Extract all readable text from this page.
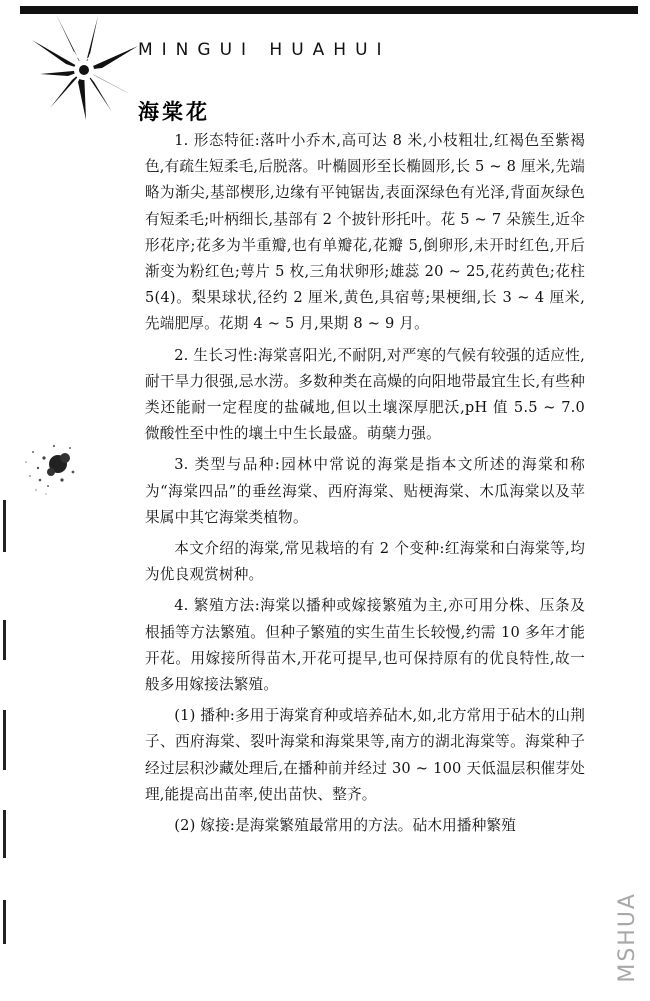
MINGUI HUAHUI
海棠花

1. 形态特征:落叶小乔木,高可达 8 米,小枝粗壮,红褐色至紫褐色,有疏生短柔毛,后脱落。叶椭圆形至长椭圆形,长 5 ~ 8 厘米,先端略为渐尖,基部楔形,边缘有平钝锯齿,表面深绿色有光泽,背面灰绿色有短柔毛;叶柄细长,基部有 2 个披针形托叶。花 5 ~ 7 朵簇生,近伞形花序;花多为半重瓣,也有单瓣花,花瓣 5,倒卵形,未开时红色,开后渐变为粉红色;萼片 5 枚,三角状卵形;雄蕊 20 ~ 25,花药黄色;花柱 5(4)。梨果球状,径约 2 厘米,黄色,具宿萼;果梗细,长 3 ~ 4 厘米,先端肥厚。花期 4 ~ 5 月,果期 8 ~ 9 月。

2. 生长习性:海棠喜阳光,不耐阴,对严寒的气候有较强的适应性,耐干旱力很强,忌水涝。多数种类在高燥的向阳地带最宜生长,有些种类还能耐一定程度的盐碱地,但以土壤深厚肥沃,pH 值 5.5 ~ 7.0 微酸性至中性的壤土中生长最盛。萌蘖力强。

3. 类型与品种:园林中常说的海棠是指本文所述的海棠和称为“海棠四品”的垂丝海棠、西府海棠、贴梗海棠、木瓜海棠以及苹果属中其它海棠类植物。

本文介绍的海棠,常见栽培的有 2 个变种:红海棠和白海棠等,均为优良观赏树种。

4. 繁殖方法:海棠以播种或嫁接繁殖为主,亦可用分株、压条及根插等方法繁殖。但种子繁殖的实生苗生长较慢,约需 10 多年才能开花。用嫁接所得苗木,开花可提早,也可保持原有的优良特性,故一般多用嫁接法繁殖。

(1) 播种:多用于海棠育种或培养砧木,如,北方常用于砧木的山荆子、西府海棠、裂叶海棠和海棠果等,南方的湖北海棠等。海棠种子经过层积沙藏处理后,在播种前并经过 30 ~ 100 天低温层积催芽处理,能提高出苗率,使出苗快、整齐。

(2) 嫁接:是海棠繁殖最常用的方法。砧木用播种繁殖

MSHUA
